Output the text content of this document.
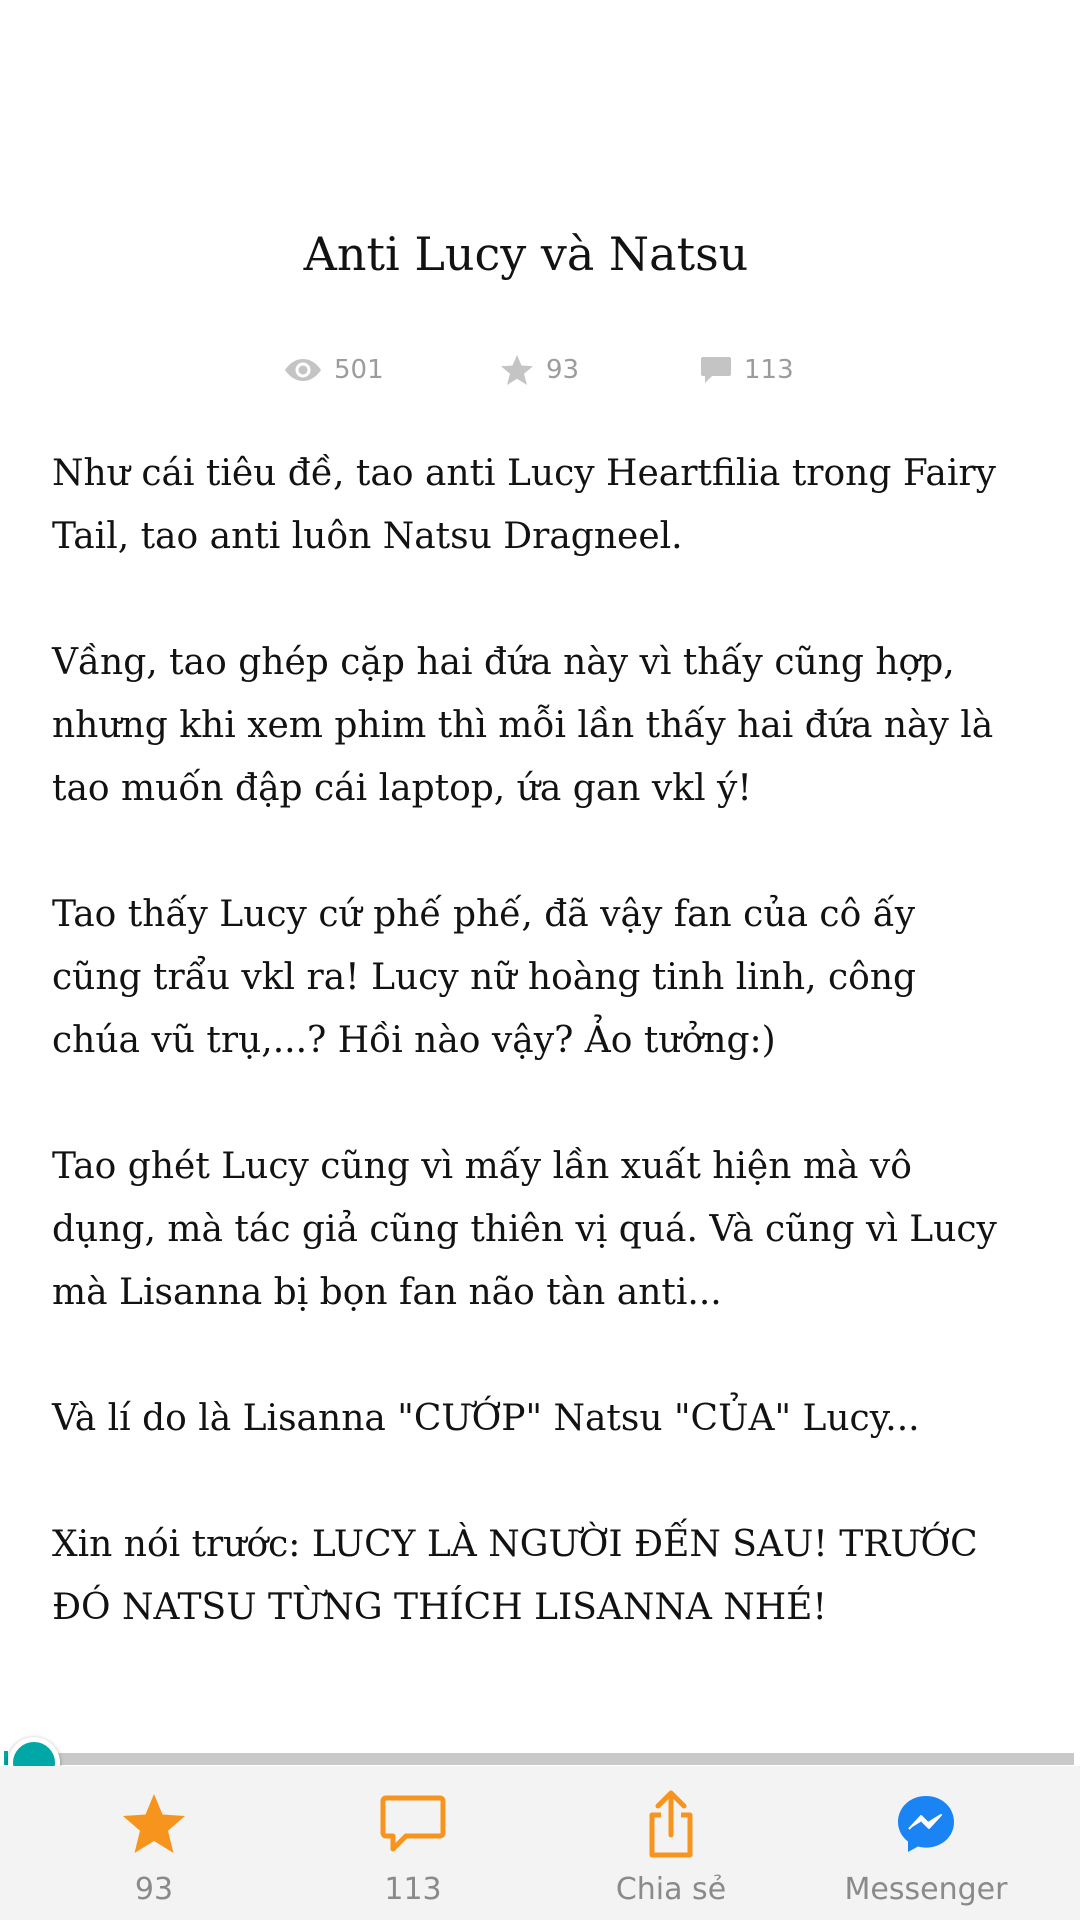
Anti Lucy và Natsu
501	93	113

Như cái tiêu đề, tao anti Lucy Heartfilia trong Fairy Tail, tao anti luôn Natsu Dragneel.

Vầng, tao ghép cặp hai đứa này vì thấy cũng hợp, nhưng khi xem phim thì mỗi lần thấy hai đứa này là tao muốn đập cái laptop, ứa gan vkl ý!

Tao thấy Lucy cứ phế phế, đã vậy fan của cô ấy cũng trẩu vkl ra! Lucy nữ hoàng tinh linh, công chúa vũ trụ,...? Hồi nào vậy? Ảo tưởng:)

Tao ghét Lucy cũng vì mấy lần xuất hiện mà vô dụng, mà tác giả cũng thiên vị quá. Và cũng vì Lucy mà Lisanna bị bọn fan não tàn anti...

Và lí do là Lisanna "CƯỚP" Natsu "CỦA" Lucy...

Xin nói trước: LUCY LÀ NGƯỜI ĐẾN SAU! TRƯỚC ĐÓ NATSU TỪNG THÍCH LISANNA NHÉ!

93	113	Chia sẻ	Messenger
